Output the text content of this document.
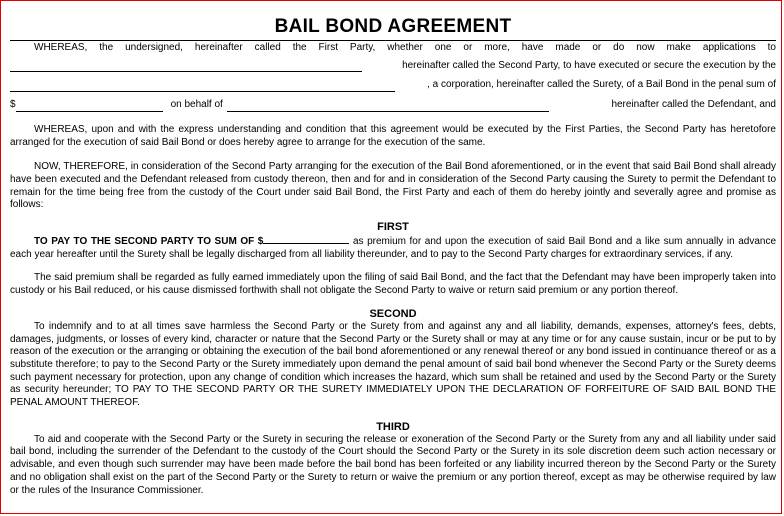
BAIL BOND AGREEMENT

WHEREAS, the undersigned, hereinafter called the First Party, whether one or more, have made or do now make applications to

hereinafter called the Second Party, to have executed or secure the execution by the
, a corporation, hereinafter called the Surety, of a Bail Bond in the penal sum of
$	on behalf of	hereinafter called the Defendant, and

WHEREAS, upon and with the express understanding and condition that this agreement would be executed by the First Parties, the Second Party has heretofore arranged for the execution of said Bail Bond or does hereby agree to arrange for the execution of the same.

NOW, THEREFORE, in consideration of the Second Party arranging for the execution of the Bail Bond aforementioned, or in the event that said Bail Bond shall already have been executed and the Defendant released from custody thereon, then and for and in consideration of the Second Party causing the Surety to permit the Defendant to remain for the time being free from the custody of the Court under said Bail Bond, the First Party and each of them do hereby jointly and severally agree and promise as follows:

FIRST

TO PAY TO THE SECOND PARTY TO SUM OF $	as premium for and upon the execution of said Bail Bond and a like sum annually in advance each year hereafter until the Surety shall be legally discharged from all liability thereunder, and to pay to the Second Party charges for extraordinary services, if any.

The said premium shall be regarded as fully earned immediately upon the filing of said Bail Bond, and the fact that the Defendant may have been improperly taken into custody or his Bail reduced, or his cause dismissed forthwith shall not obligate the Second Party to waive or return said premium or any portion thereof.

SECOND

To indemnify and to at all times save harmless the Second Party or the Surety from and against any and all liability, demands, expenses, attorney's fees, debts, damages, judgments, or losses of every kind, character or nature that the Second Party or the Surety shall or may at any time or for any cause sustain, incur or be put to by reason of the execution or the arranging or obtaining the execution of the bail bond aforementioned or any renewal thereof or any bond issued in continuance thereof or as a substitute therefore; to pay to the Second Party or the Surety immediately upon demand the penal amount of said bail bond whenever the Second Party or the Surety deems such payment necessary for protection, upon any change of condition which increases the hazard, which sum shall be retained and used by the Second Party or the Surety as security hereunder; TO PAY TO THE SECOND PARTY OR THE SURETY IMMEDIATELY UPON THE DECLARATION OF FORFEITURE OF SAID BAIL BOND THE PENAL AMOUNT THEREOF.

THIRD

To aid and cooperate with the Second Party or the Surety in securing the release or exoneration of the Second Party or the Surety from any and all liability under said bail bond, including the surrender of the Defendant to the custody of the Court should the Second Party or the Surety in its sole discretion deem such action necessary or advisable, and even though such surrender may have been made before the bail bond has been forfeited or any liability incurred thereon by the Second Party or the Surety and no obligation shall exist on the part of the Second Party or the Surety to return or waive the premium or any portion thereof, except as may be otherwise required by law or the rules of the Insurance Commissioner.
